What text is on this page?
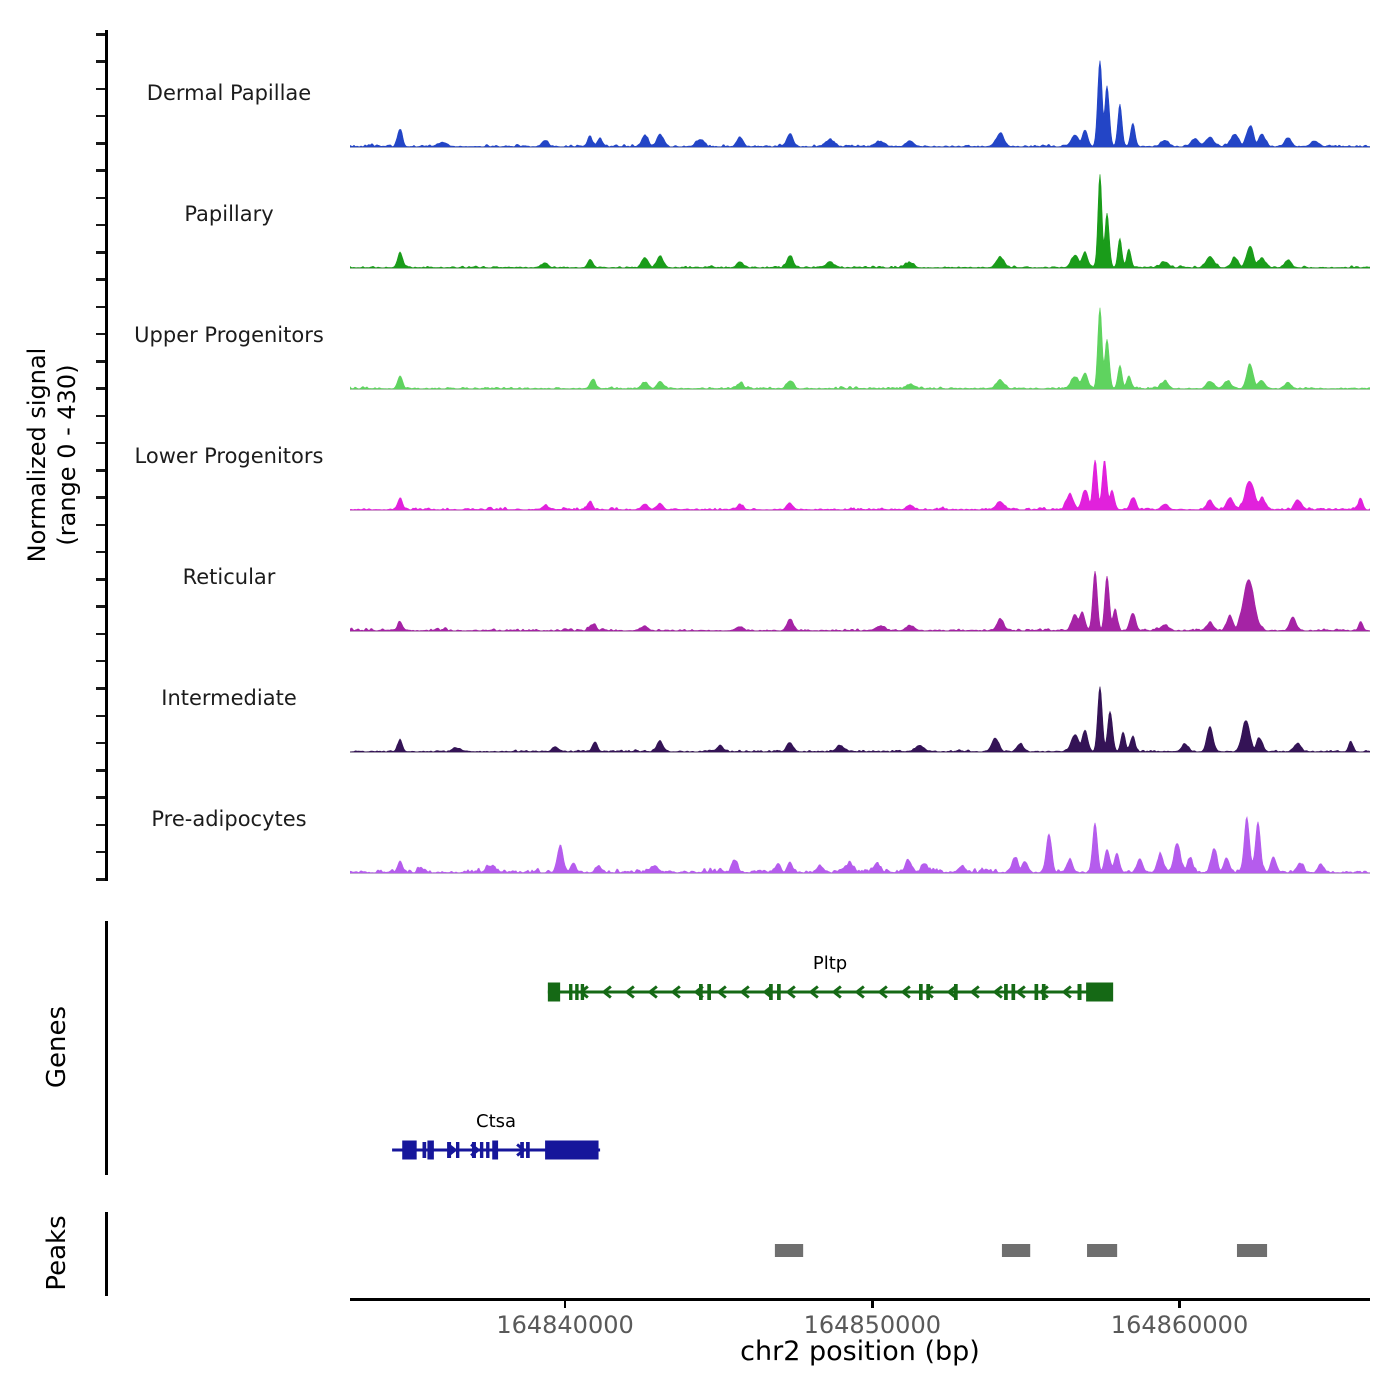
Normalized signal (range 0 - 430)
Genes
Pltp
Ctsa
Peaks
164840000	164850000	164860000
chr2 position (bp)
Dermal Papillae
Papillary
Upper Progenitors
Lower Progenitors
Reticular
Intermediate
Pre-adipocytes
